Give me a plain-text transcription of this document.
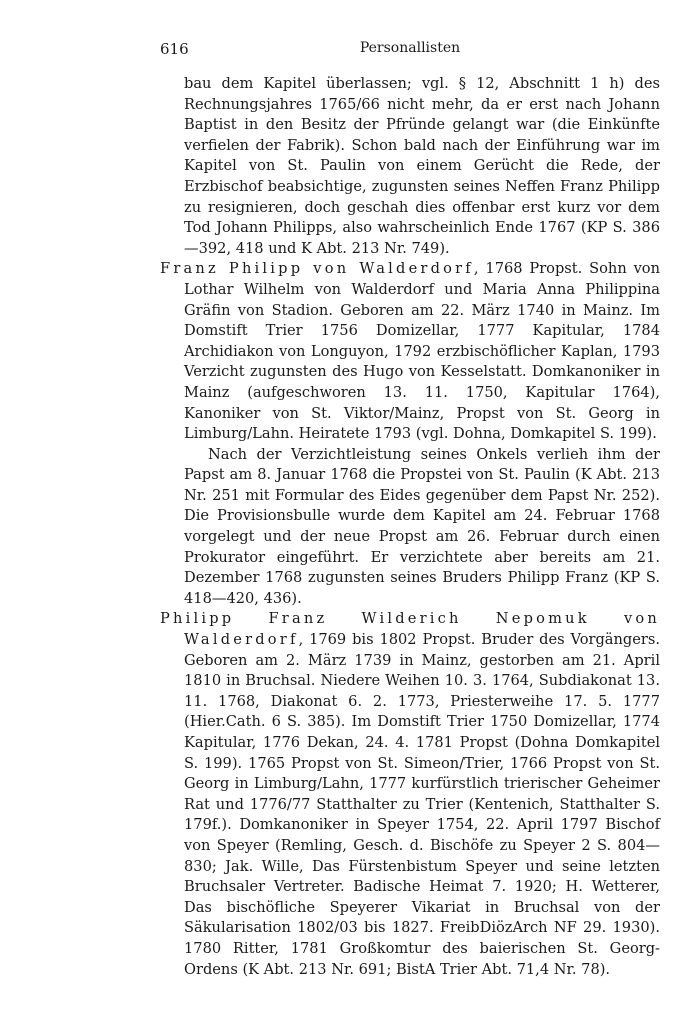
616	Personallisten

bau dem Kapitel überlassen; vgl. § 12, Abschnitt 1 h) des Rechnungsjahres 1765/66 nicht mehr, da er erst nach Johann Baptist in den Besitz der Pfründe gelangt war (die Einkünfte verfielen der Fabrik). Schon bald nach der Einführung war im Kapitel von St. Paulin von einem Gerücht die Rede, der Erzbischof beabsichtige, zugunsten seines Neffen Franz Philipp zu resignieren, doch geschah dies offenbar erst kurz vor dem Tod Johann Philipps, also wahrscheinlich Ende 1767 (KP S. 386—392, 418 und K Abt. 213 Nr. 749).

Franz Philipp von Walderdorf, 1768 Propst. Sohn von Lothar Wilhelm von Walderdorf und Maria Anna Philippina Gräfin von Stadion. Geboren am 22. März 1740 in Mainz. Im Domstift Trier 1756 Domizellar, 1777 Kapitular, 1784 Archidiakon von Longuyon, 1792 erzbischöflicher Kaplan, 1793 Verzicht zugunsten des Hugo von Kesselstatt. Domkanoniker in Mainz (aufgeschworen 13. 11. 1750, Kapitular 1764), Kanoniker von St. Viktor/Mainz, Propst von St. Georg in Limburg/Lahn. Heiratete 1793 (vgl. Dohna, Domkapitel S. 199).

Nach der Verzichtleistung seines Onkels verlieh ihm der Papst am 8. Januar 1768 die Propstei von St. Paulin (K Abt. 213 Nr. 251 mit Formular des Eides gegenüber dem Papst Nr. 252). Die Provisionsbulle wurde dem Kapitel am 24. Februar 1768 vorgelegt und der neue Propst am 26. Februar durch einen Prokurator eingeführt. Er verzichtete aber bereits am 21. Dezember 1768 zugunsten seines Bruders Philipp Franz (KP S. 418—420, 436).

Philipp Franz Wilderich Nepomuk von Walderdorf, 1769 bis 1802 Propst. Bruder des Vorgängers. Geboren am 2. März 1739 in Mainz, gestorben am 21. April 1810 in Bruchsal. Niedere Weihen 10. 3. 1764, Subdiakonat 13. 11. 1768, Diakonat 6. 2. 1773, Priesterweihe 17. 5. 1777 (Hier.Cath. 6 S. 385). Im Domstift Trier 1750 Domizellar, 1774 Kapitular, 1776 Dekan, 24. 4. 1781 Propst (Dohna Domkapitel S. 199). 1765 Propst von St. Simeon/Trier, 1766 Propst von St. Georg in Limburg/Lahn, 1777 kurfürstlich trierischer Geheimer Rat und 1776/77 Statthalter zu Trier (Kentenich, Statthalter S. 179f.). Domkanoniker in Speyer 1754, 22. April 1797 Bischof von Speyer (Remling, Gesch. d. Bischöfe zu Speyer 2 S. 804—830; Jak. Wille, Das Fürstenbistum Speyer und seine letzten Bruchsaler Vertreter. Badische Heimat 7. 1920; H. Wetterer, Das bischöfliche Speyerer Vikariat in Bruchsal von der Säkularisation 1802/03 bis 1827. FreibDiözArch NF 29. 1930). 1780 Ritter, 1781 Großkomtur des baierischen St. Georg-Ordens (K Abt. 213 Nr. 691; BistA Trier Abt. 71,4 Nr. 78).
